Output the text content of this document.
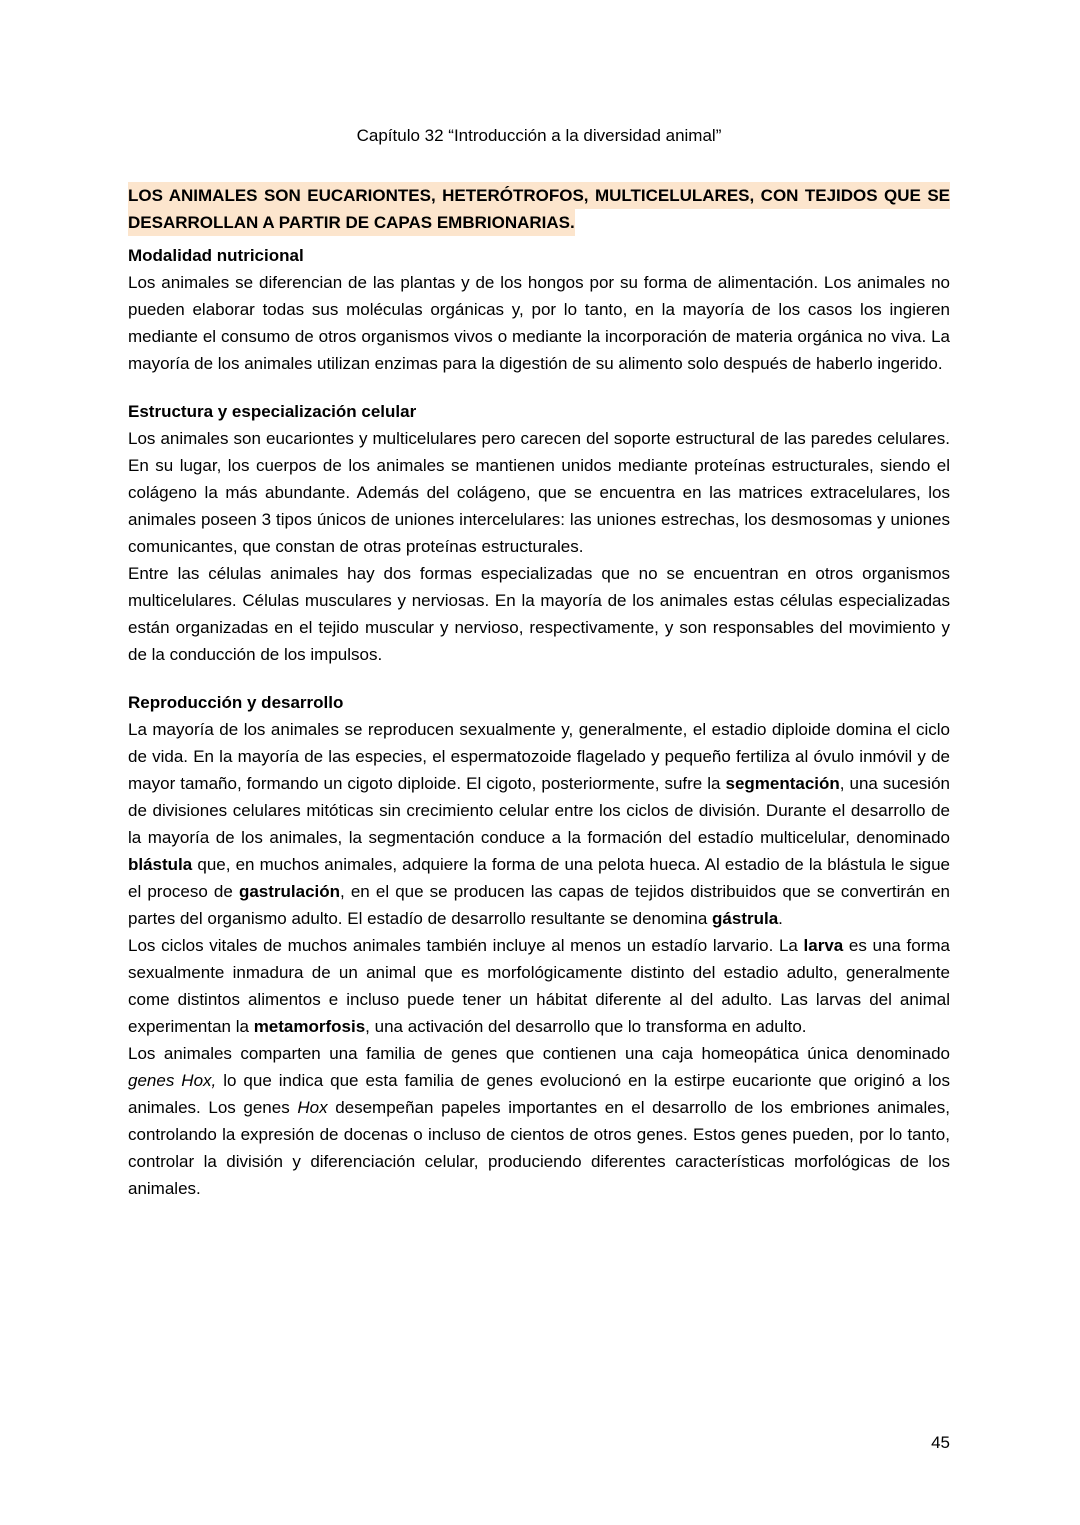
Capítulo 32 “Introducción a la diversidad animal”

LOS ANIMALES SON EUCARIONTES, HETERÓTROFOS, MULTICELULARES, CON TEJIDOS QUE SE DESARROLLAN A PARTIR DE CAPAS EMBRIONARIAS.

Modalidad nutricional

Los animales se diferencian de las plantas y de los hongos por su forma de alimentación. Los animales no pueden elaborar todas sus moléculas orgánicas y, por lo tanto, en la mayoría de los casos los ingieren mediante el consumo de otros organismos vivos o mediante la incorporación de materia orgánica no viva. La mayoría de los animales utilizan enzimas para la digestión de su alimento solo después de haberlo ingerido.

Estructura y especialización celular

Los animales son eucariontes y multicelulares pero carecen del soporte estructural de las paredes celulares. En su lugar, los cuerpos de los animales se mantienen unidos mediante proteínas estructurales, siendo el colágeno la más abundante. Además del colágeno, que se encuentra en las matrices extracelulares, los animales poseen 3 tipos únicos de uniones intercelulares: las uniones estrechas, los desmosomas y uniones comunicantes, que constan de otras proteínas estructurales.

Entre las células animales hay dos formas especializadas que no se encuentran en otros organismos multicelulares. Células musculares y nerviosas. En la mayoría de los animales estas células especializadas están organizadas en el tejido muscular y nervioso, respectivamente, y son responsables del movimiento y de la conducción de los impulsos.

Reproducción y desarrollo

La mayoría de los animales se reproducen sexualmente y, generalmente, el estadio diploide domina el ciclo de vida. En la mayoría de las especies, el espermatozoide flagelado y pequeño fertiliza al óvulo inmóvil y de mayor tamaño, formando un cigoto diploide. El cigoto, posteriormente, sufre la segmentación, una sucesión de divisiones celulares mitóticas sin crecimiento celular entre los ciclos de división. Durante el desarrollo de la mayoría de los animales, la segmentación conduce a la formación del estadío multicelular, denominado blástula que, en muchos animales, adquiere la forma de una pelota hueca. Al estadio de la blástula le sigue el proceso de gastrulación, en el que se producen las capas de tejidos distribuidos que se convertirán en partes del organismo adulto. El estadío de desarrollo resultante se denomina gástrula.

Los ciclos vitales de muchos animales también incluye al menos un estadío larvario. La larva es una forma sexualmente inmadura de un animal que es morfológicamente distinto del estadio adulto, generalmente come distintos alimentos e incluso puede tener un hábitat diferente al del adulto. Las larvas del animal experimentan la metamorfosis, una activación del desarrollo que lo transforma en adulto.

Los animales comparten una familia de genes que contienen una caja homeopática única denominado genes Hox, lo que indica que esta familia de genes evolucionó en la estirpe eucarionte que originó a los animales. Los genes Hox desempeñan papeles importantes en el desarrollo de los embriones animales, controlando la expresión de docenas o incluso de cientos de otros genes. Estos genes pueden, por lo tanto, controlar la división y diferenciación celular, produciendo diferentes características morfológicas de los animales.

45
